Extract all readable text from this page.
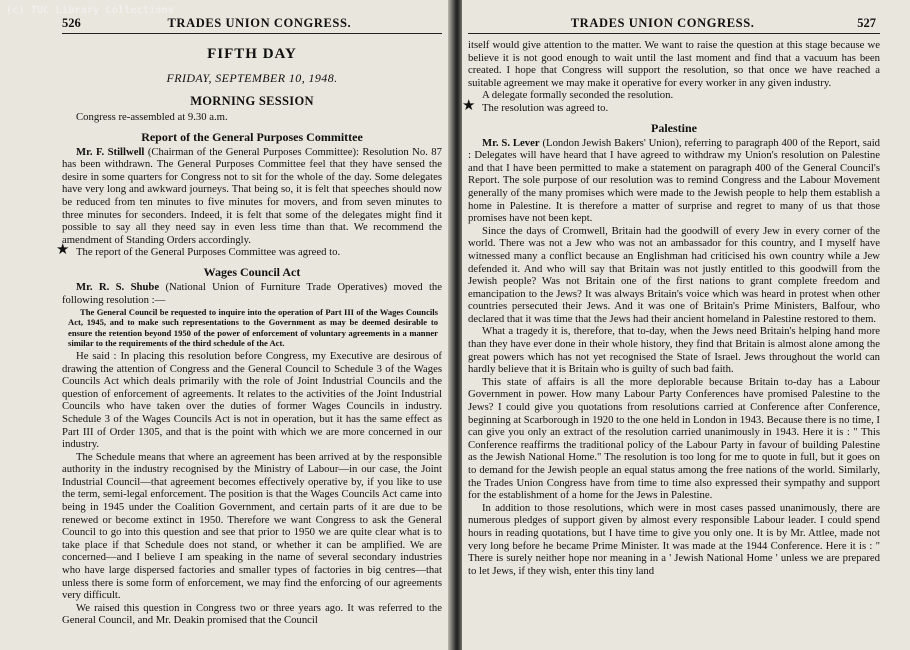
(c) TUC Library Collections
526	TRADES UNION CONGRESS.
FIFTH DAY
FRIDAY, SEPTEMBER 10, 1948.
MORNING SESSION

Congress re-assembled at 9.30 a.m.

Report of the General Purposes Committee

Mr. F. Stillwell (Chairman of the General Purposes Committee): Resolution No. 87 has been withdrawn. The General Purposes Committee feel that they have sensed the desire in some quarters for Congress not to sit for the whole of the day. Some delegates have very long and awkward journeys. That being so, it is felt that speeches should now be reduced from ten minutes to five minutes for movers, and from seven minutes to three minutes for seconders. Indeed, it is felt that some of the delegates might find it possible to say all they need say in even less time than that. We recommend the amendment of Standing Orders accordingly.

★ The report of the General Purposes Committee was agreed to.

Wages Council Act

Mr. R. S. Shube (National Union of Furniture Trade Operatives) moved the following resolution :—

The General Council be requested to inquire into the operation of Part III of the Wages Councils Act, 1945, and to make such representations to the Government as may be deemed desirable to ensure the retention beyond 1950 of the power of enforcement of voluntary agreements in a manner similar to the requirements of the third schedule of the Act.

He said : In placing this resolution before Congress, my Executive are desirous of drawing the attention of Congress and the General Council to Schedule 3 of the Wages Councils Act which deals primarily with the role of Joint Industrial Councils and the question of enforcement of agreements. It relates to the activities of the Joint Industrial Councils who have taken over the duties of former Wages Councils in industry. Schedule 3 of the Wages Councils Act is not in operation, but it has the same effect as Part III of Order 1305, and that is the point with which we are more concerned in our industry.

The Schedule means that where an agreement has been arrived at by the responsible authority in the industry recognised by the Ministry of Labour—in our case, the Joint Industrial Council—that agreement becomes effectively operative by, if you like to use the term, semi-legal enforcement. The position is that the Wages Councils Act came into being in 1945 under the Coalition Government, and certain parts of it are due to be renewed or become extinct in 1950. Therefore we want Congress to ask the General Council to go into this question and see that prior to 1950 we are quite clear what is to take place if that Schedule does not stand, or whether it can be amplified. We are concerned—and I believe I am speaking in the name of several secondary industries who have large dispersed factories and smaller types of factories in big centres—that unless there is some form of enforcement, we may find the enforcing of our agreements very difficult.

We raised this question in Congress two or three years ago. It was referred to the General Council, and Mr. Deakin promised that the Council

TRADES UNION CONGRESS.	527

itself would give attention to the matter. We want to raise the question at this stage because we believe it is not good enough to wait until the last moment and find that a vacuum has been created. I hope that Congress will support the resolution, so that once we have reached a suitable agreement we may make it operative for every worker in any given industry.

A delegate formally seconded the resolution.

★ The resolution was agreed to.

Palestine

Mr. S. Lever (London Jewish Bakers' Union), referring to paragraph 400 of the Report, said : Delegates will have heard that I have agreed to withdraw my Union's resolution on Palestine and that I have been permitted to make a statement on paragraph 400 of the General Council's Report. The sole purpose of our resolution was to remind Congress and the Labour Movement generally of the many promises which were made to the Jewish people to help them establish a home in Palestine. It is therefore a matter of surprise and regret to many of us that those promises have not been kept.

Since the days of Cromwell, Britain had the goodwill of every Jew in every corner of the world. There was not a Jew who was not an ambassador for this country, and I myself have witnessed many a conflict because an Englishman had criticised his own country while a Jew defended it. And who will say that Britain was not justly entitled to this goodwill from the Jewish people? Was not Britain one of the first nations to grant complete freedom and emancipation to the Jews? It was always Britain's voice which was heard in protest when other countries persecuted their Jews. And it was one of Britain's Prime Ministers, Balfour, who declared that it was time that the Jews had their ancient homeland in Palestine restored to them.

What a tragedy it is, therefore, that to-day, when the Jews need Britain's helping hand more than they have ever done in their whole history, they find that Britain is almost alone among the great powers which has not yet recognised the State of Israel. Jews throughout the world can hardly believe that it is Britain who is guilty of such bad faith.

This state of affairs is all the more deplorable because Britain to-day has a Labour Government in power. How many Labour Party Conferences have promised Palestine to the Jews? I could give you quotations from resolutions carried at Conference after Conference, beginning at Scarborough in 1920 to the one held in London in 1943. Because there is no time, I can give you only an extract of the resolution carried unanimously in 1943. Here it is : " This Conference reaffirms the traditional policy of the Labour Party in favour of building Palestine as the Jewish National Home." The resolution is too long for me to quote in full, but it goes on to demand for the Jewish people an equal status among the free nations of the world. Similarly, the Trades Union Congress have from time to time also expressed their sympathy and support for the establishment of a home for the Jews in Palestine.

In addition to those resolutions, which were in most cases passed unanimously, there are numerous pledges of support given by almost every responsible Labour leader. I could spend hours in reading quotations, but I have time to give you only one. It is by Mr. Attlee, made not very long before he became Prime Minister. It was made at the 1944 Conference. Here it is : " There is surely neither hope nor meaning in a ' Jewish National Home ' unless we are prepared to let Jews, if they wish, enter this tiny land
